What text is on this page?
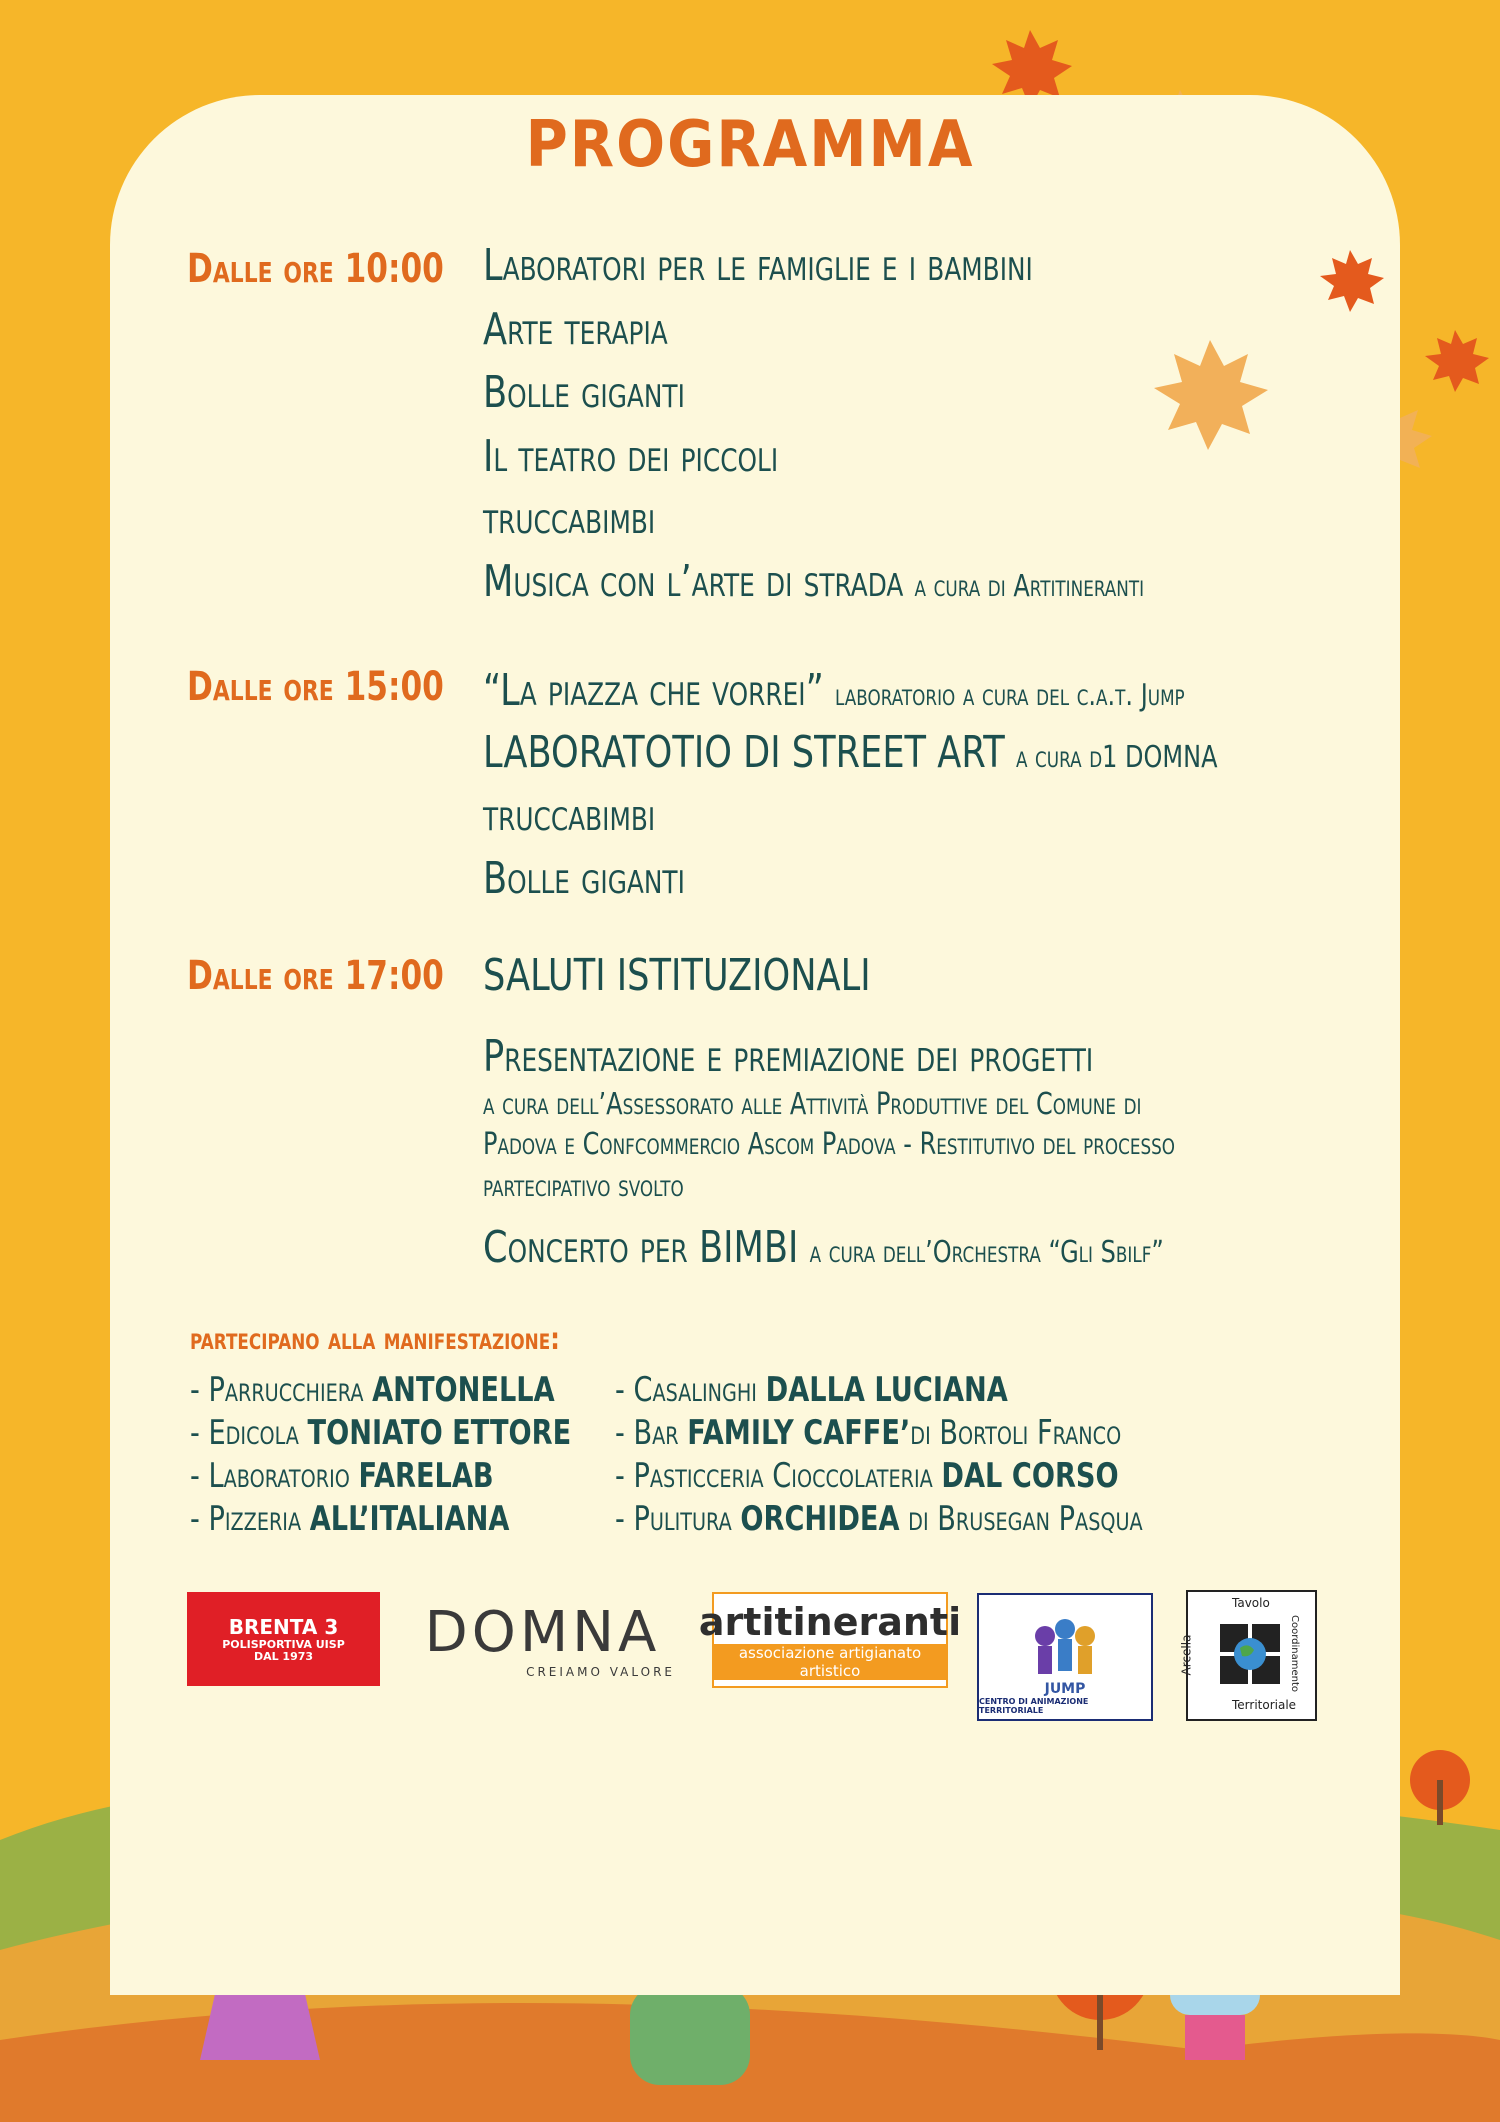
PROGRAMMA
Dalle ore 10:00 Laboratori per le famiglie e i bambini
Arte terapia
Bolle giganti
Il teatro dei piccoli
truccabimbi
Musica con l’arte di strada a cura di Artitineranti
Dalle ore 15:00 “La piazza che vorrei” laboratorio a cura del c.a.t. Jump
LABORATOTIO DI STREET ART a cura d1 DOMNA
truccabimbi
Bolle giganti
Dalle ore 17:00 SALUTI ISTITUZIONALI
Presentazione e premiazione dei progetti
a cura dell’Assessorato alle Attività Produttive del Comune di
Padova e Confcommercio Ascom Padova - Restitutivo del processo
partecipativo svolto
Concerto per BIMBI a cura dell’Orchestra “Gli Sbilf”
partecipano alla manifestazione:
- Parrucchiera ANTONELLA
- Edicola TONIATO ETTORE
- Laboratorio FARELAB
- Pizzeria ALL’ITALIANA
- Casalinghi DALLA LUCIANA
- Bar FAMILY CAFFE’di Bortoli Franco
- Pasticceria Cioccolateria DAL CORSO
- Pulitura ORCHIDEA di Brusegan Pasqua
BRENTA 3
POLISPORTIVA UISP
DAL 1973 DOMNA
CREIAMO VALORE
artitineranti
associazione artigianato artistico
JUMP
CENTRO DI ANIMAZIONE TERRITORIALE
Tavolo
Territoriale
Arcella	Coordinamento
